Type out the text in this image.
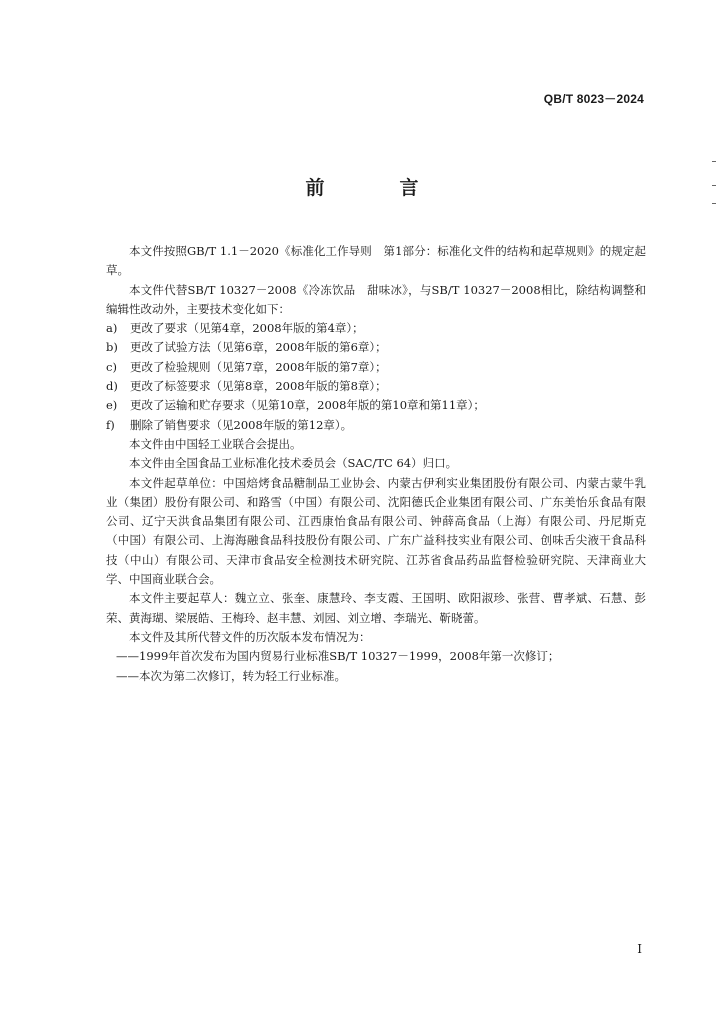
QB/T 8023－2024
前　言

本文件按照GB/T 1.1－2020《标准化工作导则　第1部分：标准化文件的结构和起草规则》的规定起草。

本文件代替SB/T 10327－2008《冷冻饮品　甜味冰》，与SB/T 10327－2008相比，除结构调整和编辑性改动外，主要技术变化如下：

a)	更改了要求（见第4章，2008年版的第4章）；
b)	更改了试验方法（见第6章，2008年版的第6章）；
c)	更改了检验规则（见第7章，2008年版的第7章）；
d)	更改了标签要求（见第8章，2008年版的第8章）；
e)	更改了运输和贮存要求（见第10章，2008年版的第10章和第11章）；
f)	删除了销售要求（见2008年版的第12章）。

本文件由中国轻工业联合会提出。

本文件由全国食品工业标准化技术委员会（SAC/TC 64）归口。

本文件起草单位：中国焙烤食品糖制品工业协会、内蒙古伊利实业集团股份有限公司、内蒙古蒙牛乳业（集团）股份有限公司、和路雪（中国）有限公司、沈阳德氏企业集团有限公司、广东美怡乐食品有限公司、辽宁天洪食品集团有限公司、江西康怡食品有限公司、钟薛高食品（上海）有限公司、丹尼斯克（中国）有限公司、上海海融食品科技股份有限公司、广东广益科技实业有限公司、创味舌尖液干食品科技（中山）有限公司、天津市食品安全检测技术研究院、江苏省食品药品监督检验研究院、天津商业大学、中国商业联合会。

本文件主要起草人：魏立立、张奎、康慧玲、李支霞、王国明、欧阳淑珍、张营、曹孝斌、石慧、彭荣、黄海瑚、梁展皓、王梅玲、赵丰慧、刘园、刘立增、李瑞光、靳晓蕾。

本文件及其所代替文件的历次版本发布情况为：

——1999年首次发布为国内贸易行业标准SB/T 10327－1999，2008年第一次修订；

——本次为第二次修订，转为轻工行业标准。

I
